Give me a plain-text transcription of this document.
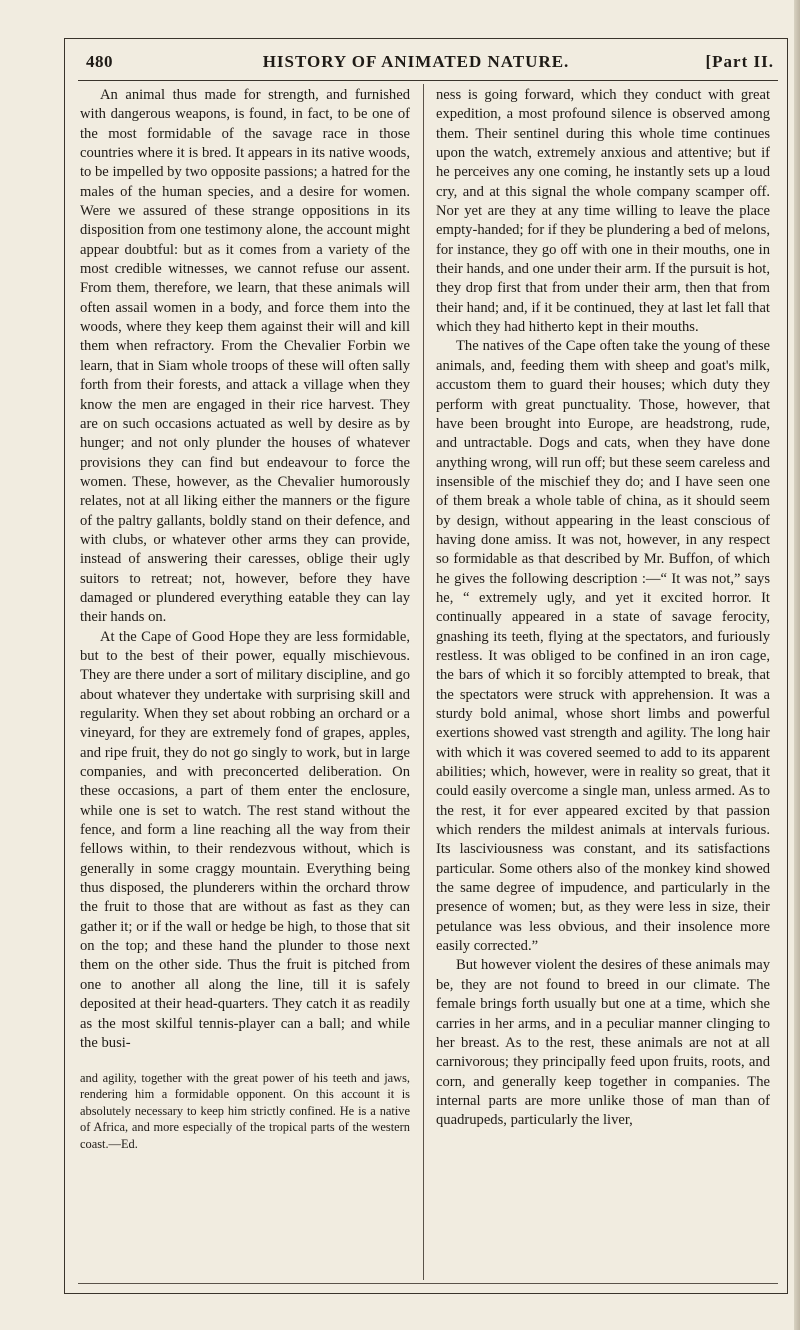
480	HISTORY OF ANIMATED NATURE.	[Part II.

An animal thus made for strength, and furnished with dangerous weapons, is found, in fact, to be one of the most formidable of the savage race in those countries where it is bred. It appears in its native woods, to be impelled by two opposite passions; a hatred for the males of the human species, and a desire for women. Were we assured of these strange oppositions in its disposition from one testimony alone, the account might appear doubtful: but as it comes from a variety of the most credible witnesses, we cannot refuse our assent. From them, therefore, we learn, that these animals will often assail women in a body, and force them into the woods, where they keep them against their will and kill them when refractory. From the Chevalier Forbin we learn, that in Siam whole troops of these will often sally forth from their forests, and attack a village when they know the men are engaged in their rice harvest. They are on such occasions actuated as well by desire as by hunger; and not only plunder the houses of whatever provisions they can find but endeavour to force the women. These, however, as the Chevalier humorously relates, not at all liking either the manners or the figure of the paltry gallants, boldly stand on their defence, and with clubs, or whatever other arms they can provide, instead of answering their caresses, oblige their ugly suitors to retreat; not, however, before they have damaged or plundered everything eatable they can lay their hands on.

At the Cape of Good Hope they are less formidable, but to the best of their power, equally mischievous. They are there under a sort of military discipline, and go about whatever they undertake with surprising skill and regularity. When they set about robbing an orchard or a vineyard, for they are extremely fond of grapes, apples, and ripe fruit, they do not go singly to work, but in large companies, and with preconcerted deliberation. On these occasions, a part of them enter the enclosure, while one is set to watch. The rest stand without the fence, and form a line reaching all the way from their fellows within, to their rendezvous without, which is generally in some craggy mountain. Everything being thus disposed, the plunderers within the orchard throw the fruit to those that are without as fast as they can gather it; or if the wall or hedge be high, to those that sit on the top; and these hand the plunder to those next them on the other side. Thus the fruit is pitched from one to another all along the line, till it is safely deposited at their head-quarters. They catch it as readily as the most skilful tennis-player can a ball; and while the busi-

ness is going forward, which they conduct with great expedition, a most profound silence is observed among them. Their sentinel during this whole time continues upon the watch, extremely anxious and attentive; but if he perceives any one coming, he instantly sets up a loud cry, and at this signal the whole company scamper off. Nor yet are they at any time willing to leave the place empty-handed; for if they be plundering a bed of melons, for instance, they go off with one in their mouths, one in their hands, and one under their arm. If the pursuit is hot, they drop first that from under their arm, then that from their hand; and, if it be continued, they at last let fall that which they had hitherto kept in their mouths.

The natives of the Cape often take the young of these animals, and, feeding them with sheep and goat's milk, accustom them to guard their houses; which duty they perform with great punctuality. Those, however, that have been brought into Europe, are headstrong, rude, and untractable. Dogs and cats, when they have done anything wrong, will run off; but these seem careless and insensible of the mischief they do; and I have seen one of them break a whole table of china, as it should seem by design, without appearing in the least conscious of having done amiss. It was not, however, in any respect so formidable as that described by Mr. Buffon, of which he gives the following description :—“ It was not,” says he, “ extremely ugly, and yet it excited horror. It continually appeared in a state of savage ferocity, gnashing its teeth, flying at the spectators, and furiously restless. It was obliged to be confined in an iron cage, the bars of which it so forcibly attempted to break, that the spectators were struck with apprehension. It was a sturdy bold animal, whose short limbs and powerful exertions showed vast strength and agility. The long hair with which it was covered seemed to add to its apparent abilities; which, however, were in reality so great, that it could easily overcome a single man, unless armed. As to the rest, it for ever appeared excited by that passion which renders the mildest animals at intervals furious. Its lasciviousness was constant, and its satisfactions particular. Some others also of the monkey kind showed the same degree of impudence, and particularly in the presence of women; but, as they were less in size, their petulance was less obvious, and their insolence more easily corrected.”

But however violent the desires of these animals may be, they are not found to breed in our climate. The female brings forth usually but one at a time, which she carries in her arms, and in a peculiar manner clinging to her breast. As to the rest, these animals are not at all carnivorous; they principally feed upon fruits, roots, and corn, and generally keep together in companies. The internal parts are more unlike those of man than of quadrupeds, particularly the liver,

and agility, together with the great power of his teeth and jaws, rendering him a formidable opponent. On this account it is absolutely necessary to keep him strictly confined. He is a native of Africa, and more especially of the tropical parts of the western coast.—Ed.
